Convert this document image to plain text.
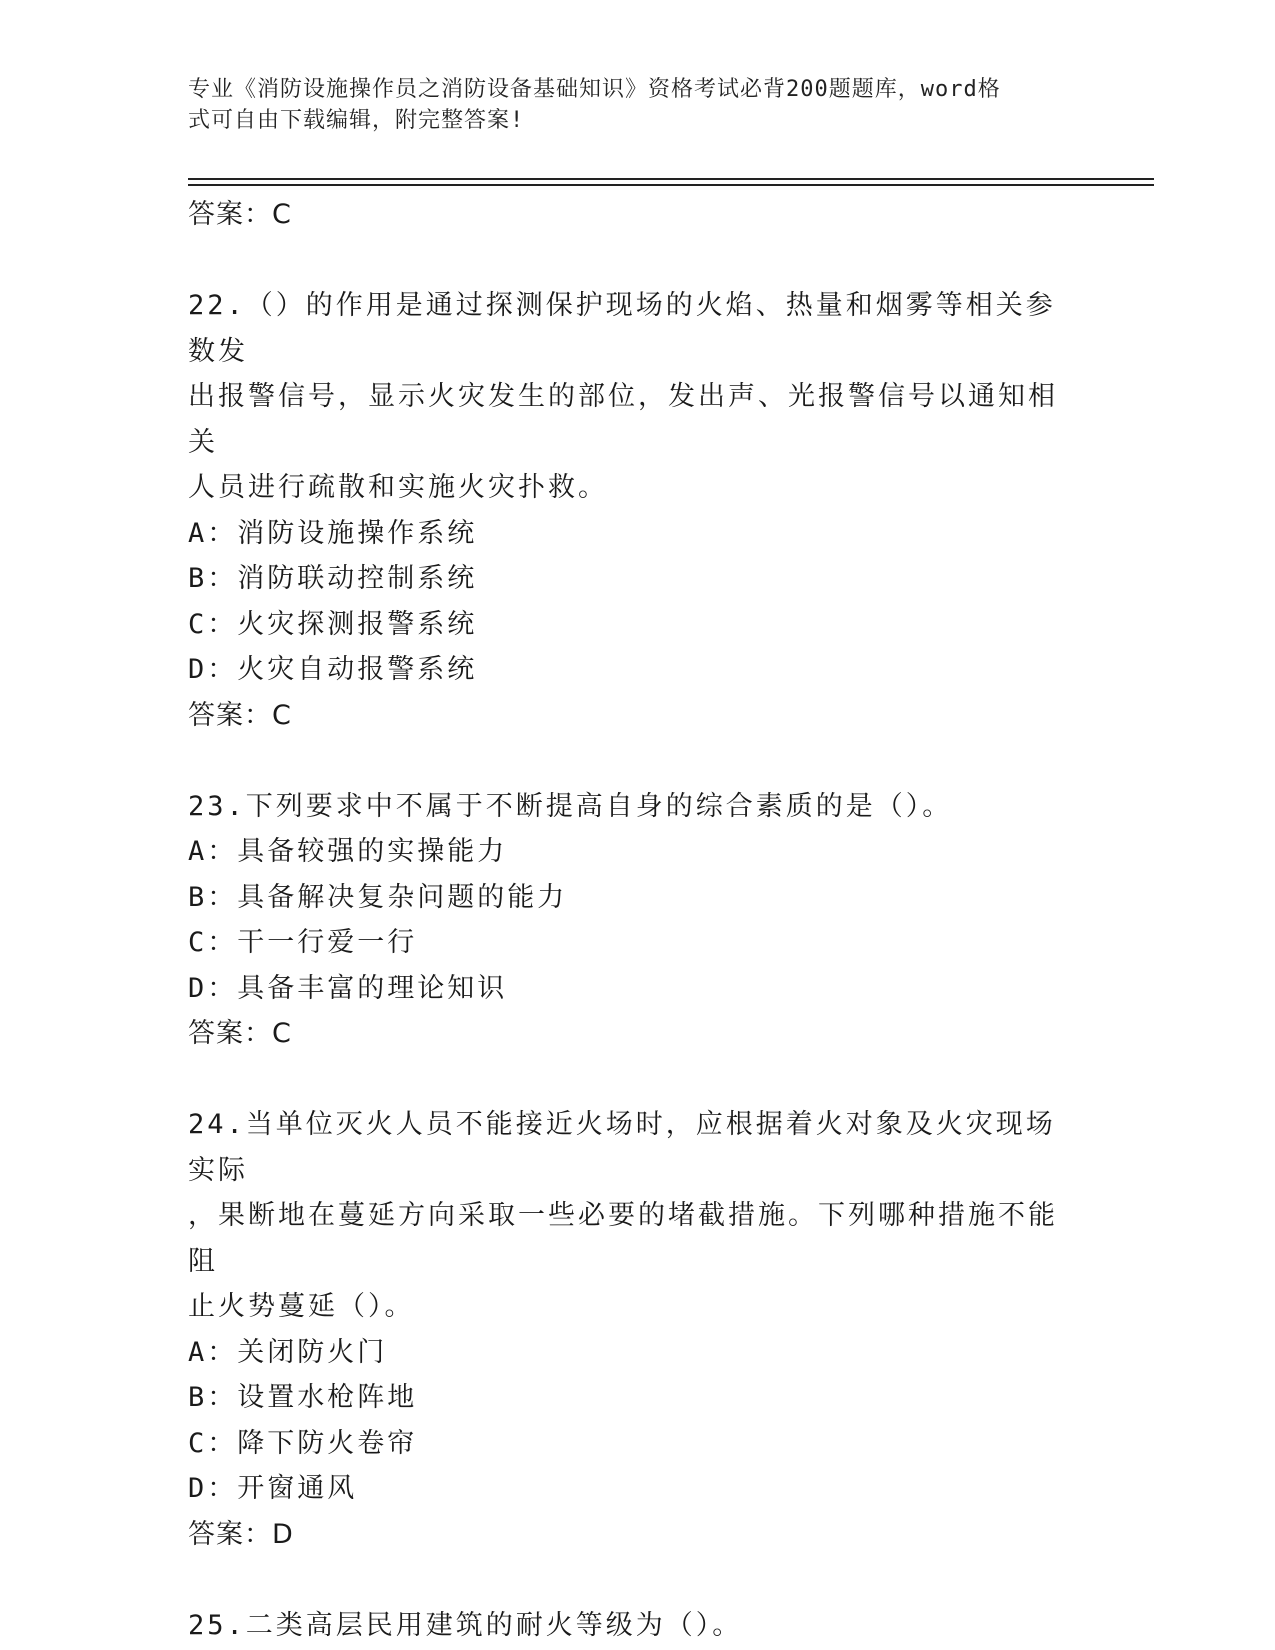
专业《消防设施操作员之消防设备基础知识》资格考试必背200题题库，word格
式可自由下载编辑，附完整答案!
答案：C
22.（）的作用是通过探测保护现场的火焰、热量和烟雾等相关参数发
出报警信号，显示火灾发生的部位，发出声、光报警信号以通知相关
人员进行疏散和实施火灾扑救。
A：消防设施操作系统
B：消防联动控制系统
C：火灾探测报警系统
D：火灾自动报警系统
答案：C
23.下列要求中不属于不断提高自身的综合素质的是（）。
A：具备较强的实操能力
B：具备解决复杂问题的能力
C：干一行爱一行
D：具备丰富的理论知识
答案：C
24.当单位灭火人员不能接近火场时，应根据着火对象及火灾现场实际
，果断地在蔓延方向采取一些必要的堵截措施。下列哪种措施不能阻
止火势蔓延（）。
A：关闭防火门
B：设置水枪阵地
C：降下防火卷帘
D：开窗通风
答案：D
25.二类高层民用建筑的耐火等级为（）。
